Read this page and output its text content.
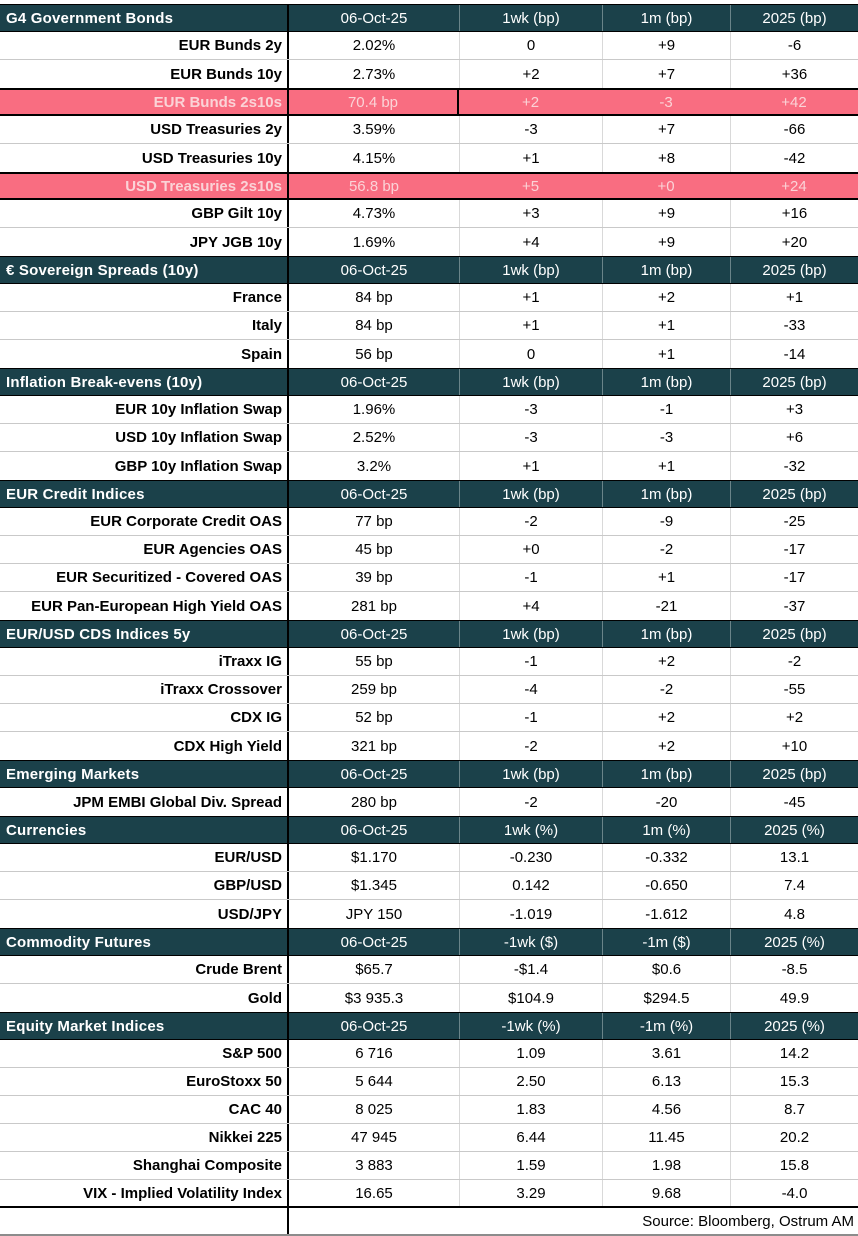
G4 Government Bonds	06-Oct-25	1wk (bp)	1m (bp)	2025 (bp)
EUR Bunds 2y	2.02%	0	+9	-6
EUR Bunds 10y	2.73%	+2	+7	+36
EUR Bunds 2s10s	70.4 bp	+2	-3	+42
USD Treasuries 2y	3.59%	-3	+7	-66
USD Treasuries 10y	4.15%	+1	+8	-42
USD Treasuries 2s10s	56.8 bp	+5	+0	+24
GBP Gilt 10y	4.73%	+3	+9	+16
JPY JGB 10y	1.69%	+4	+9	+20
€ Sovereign Spreads (10y)	06-Oct-25	1wk (bp)	1m (bp)	2025 (bp)
France	84 bp	+1	+2	+1
Italy	84 bp	+1	+1	-33
Spain	56 bp	0	+1	-14
Inflation Break-evens (10y)	06-Oct-25	1wk (bp)	1m (bp)	2025 (bp)
EUR 10y Inflation Swap	1.96%	-3	-1	+3
USD 10y Inflation Swap	2.52%	-3	-3	+6
GBP 10y Inflation Swap	3.2%	+1	+1	-32
EUR Credit Indices	06-Oct-25	1wk (bp)	1m (bp)	2025 (bp)
EUR Corporate Credit OAS	77 bp	-2	-9	-25
EUR Agencies OAS	45 bp	+0	-2	-17
EUR Securitized - Covered OAS	39 bp	-1	+1	-17
EUR Pan-European High Yield OAS	281 bp	+4	-21	-37
EUR/USD CDS Indices 5y	06-Oct-25	1wk (bp)	1m (bp)	2025 (bp)
iTraxx IG	55 bp	-1	+2	-2
iTraxx Crossover	259 bp	-4	-2	-55
CDX IG	52 bp	-1	+2	+2
CDX High Yield	321 bp	-2	+2	+10
Emerging Markets	06-Oct-25	1wk (bp)	1m (bp)	2025 (bp)
JPM EMBI Global Div. Spread	280 bp	-2	-20	-45
Currencies	06-Oct-25	1wk (%)	1m (%)	2025 (%)
EUR/USD	$1.170	-0.230	-0.332	13.1
GBP/USD	$1.345	0.142	-0.650	7.4
USD/JPY	JPY 150	-1.019	-1.612	4.8
Commodity Futures	06-Oct-25	-1wk ($)	-1m ($)	2025 (%)
Crude Brent	$65.7	-$1.4	$0.6	-8.5
Gold	$3 935.3	$104.9	$294.5	49.9
Equity Market Indices	06-Oct-25	-1wk (%)	-1m (%)	2025 (%)
S&P 500	6 716	1.09	3.61	14.2
EuroStoxx 50	5 644	2.50	6.13	15.3
CAC 40	8 025	1.83	4.56	8.7
Nikkei 225	47 945	6.44	11.45	20.2
Shanghai Composite	3 883	1.59	1.98	15.8
VIX - Implied Volatility Index	16.65	3.29	9.68	-4.0
Source: Bloomberg, Ostrum AM
